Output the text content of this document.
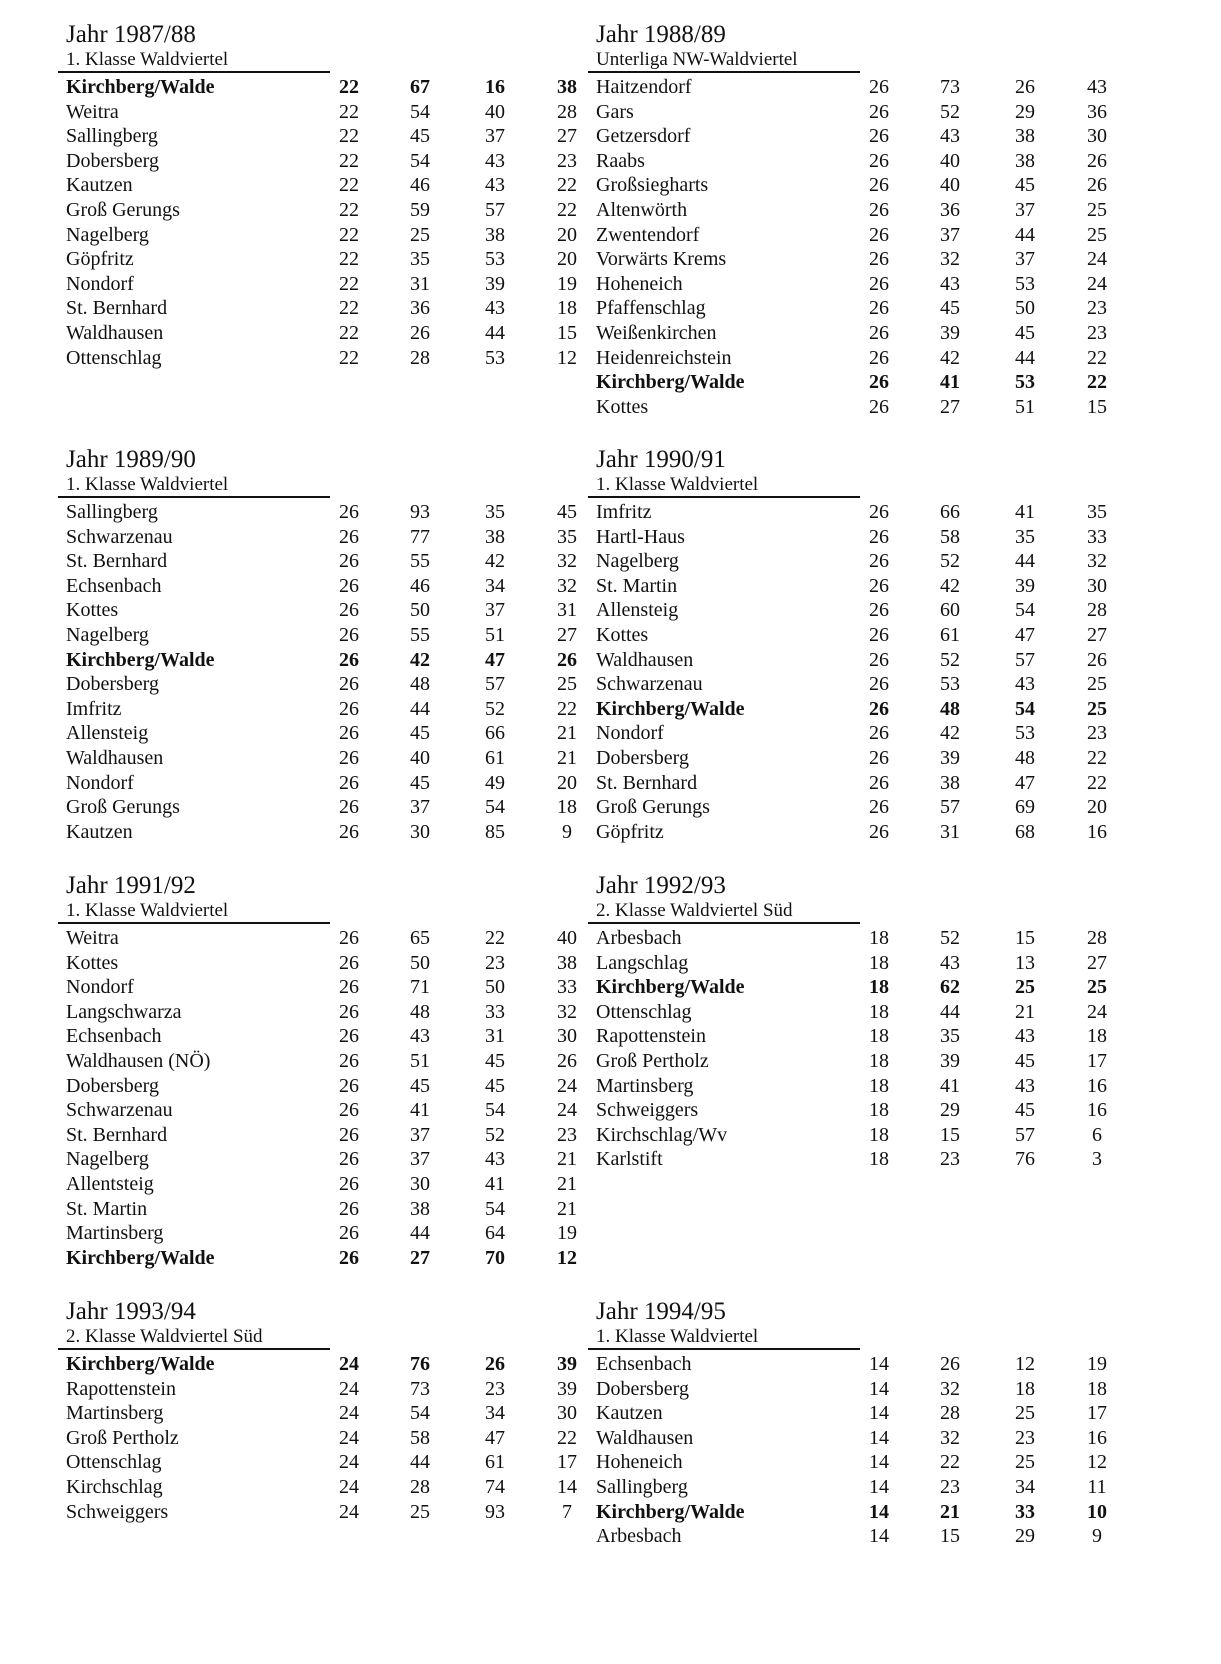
Jahr 1987/88
1. Klasse Waldviertel
Kirchberg/Walde	22	67	16	38
Weitra	22	54	40	28
Sallingberg	22	45	37	27
Dobersberg	22	54	43	23
Kautzen	22	46	43	22
Groß Gerungs	22	59	57	22
Nagelberg	22	25	38	20
Göpfritz	22	35	53	20
Nondorf	22	31	39	19
St. Bernhard	22	36	43	18
Waldhausen	22	26	44	15
Ottenschlag	22	28	53	12
Jahr 1988/89
Unterliga NW-Waldviertel
Haitzendorf	26	73	26	43
Gars	26	52	29	36
Getzersdorf	26	43	38	30
Raabs	26	40	38	26
Großsiegharts	26	40	45	26
Altenwörth	26	36	37	25
Zwentendorf	26	37	44	25
Vorwärts Krems	26	32	37	24
Hoheneich	26	43	53	24
Pfaffenschlag	26	45	50	23
Weißenkirchen	26	39	45	23
Heidenreichstein	26	42	44	22
Kirchberg/Walde	26	41	53	22
Kottes	26	27	51	15
Jahr 1989/90
1. Klasse Waldviertel
Sallingberg	26	93	35	45
Schwarzenau	26	77	38	35
St. Bernhard	26	55	42	32
Echsenbach	26	46	34	32
Kottes	26	50	37	31
Nagelberg	26	55	51	27
Kirchberg/Walde	26	42	47	26
Dobersberg	26	48	57	25
Imfritz	26	44	52	22
Allensteig	26	45	66	21
Waldhausen	26	40	61	21
Nondorf	26	45	49	20
Groß Gerungs	26	37	54	18
Kautzen	26	30	85	9
Jahr 1990/91
1. Klasse Waldviertel
Imfritz	26	66	41	35
Hartl-Haus	26	58	35	33
Nagelberg	26	52	44	32
St. Martin	26	42	39	30
Allensteig	26	60	54	28
Kottes	26	61	47	27
Waldhausen	26	52	57	26
Schwarzenau	26	53	43	25
Kirchberg/Walde	26	48	54	25
Nondorf	26	42	53	23
Dobersberg	26	39	48	22
St. Bernhard	26	38	47	22
Groß Gerungs	26	57	69	20
Göpfritz	26	31	68	16
Jahr 1991/92
1. Klasse Waldviertel
Weitra	26	65	22	40
Kottes	26	50	23	38
Nondorf	26	71	50	33
Langschwarza	26	48	33	32
Echsenbach	26	43	31	30
Waldhausen (NÖ)	26	51	45	26
Dobersberg	26	45	45	24
Schwarzenau	26	41	54	24
St. Bernhard	26	37	52	23
Nagelberg	26	37	43	21
Allentsteig	26	30	41	21
St. Martin	26	38	54	21
Martinsberg	26	44	64	19
Kirchberg/Walde	26	27	70	12
Jahr 1992/93
2. Klasse Waldviertel Süd
Arbesbach	18	52	15	28
Langschlag	18	43	13	27
Kirchberg/Walde	18	62	25	25
Ottenschlag	18	44	21	24
Rapottenstein	18	35	43	18
Groß Pertholz	18	39	45	17
Martinsberg	18	41	43	16
Schweiggers	18	29	45	16
Kirchschlag/Wv	18	15	57	6
Karlstift	18	23	76	3
Jahr 1993/94
2. Klasse Waldviertel Süd
Kirchberg/Walde	24	76	26	39
Rapottenstein	24	73	23	39
Martinsberg	24	54	34	30
Groß Pertholz	24	58	47	22
Ottenschlag	24	44	61	17
Kirchschlag	24	28	74	14
Schweiggers	24	25	93	7
Jahr 1994/95
1. Klasse Waldviertel
Echsenbach	14	26	12	19
Dobersberg	14	32	18	18
Kautzen	14	28	25	17
Waldhausen	14	32	23	16
Hoheneich	14	22	25	12
Sallingberg	14	23	34	11
Kirchberg/Walde	14	21	33	10
Arbesbach	14	15	29	9
